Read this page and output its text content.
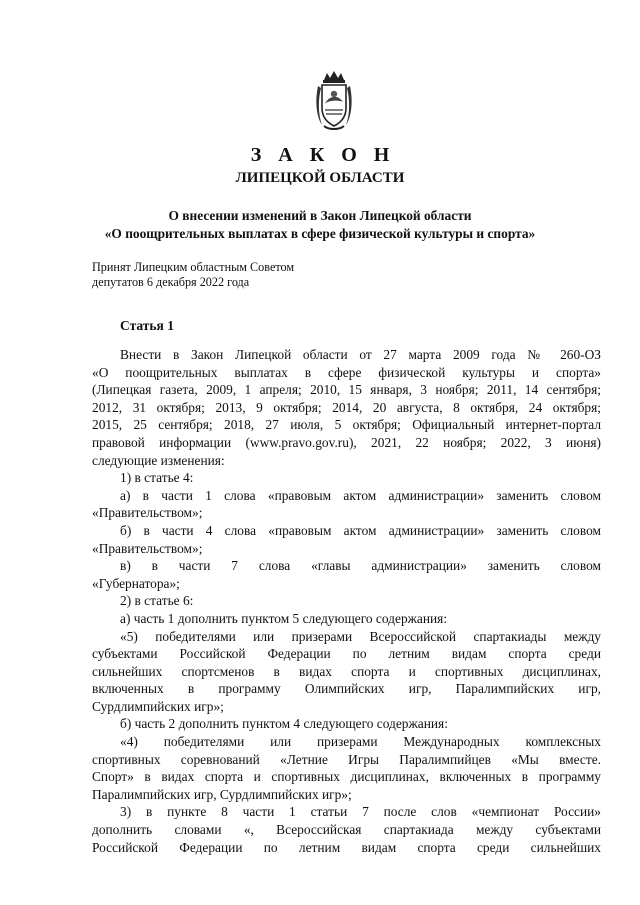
З А К О Н
ЛИПЕЦКОЙ ОБЛАСТИ
О внесении изменений в Закон Липецкой области
«О поощрительных выплатах в сфере физической культуры и спорта»
Принят Липецким областным Советом
депутатов 6 декабря 2022 года
Статья 1

Внести в Закон Липецкой области от 27 марта 2009 года № 260-ОЗ

«О поощрительных выплатах в сфере физической культуры и спорта»

(Липецкая газета, 2009, 1 апреля; 2010, 15 января, 3 ноября; 2011, 14 сентября;

2012, 31 октября; 2013, 9 октября; 2014, 20 августа, 8 октября, 24 октября;

2015, 25 сентября; 2018, 27 июля, 5 октября; Официальный интернет-портал

правовой информации (www.pravo.gov.ru), 2021, 22 ноября; 2022, 3 июня)

следующие изменения:

1) в статье 4:

а) в части 1 слова «правовым актом администрации» заменить словом

«Правительством»;

б) в части 4 слова «правовым актом администрации» заменить словом

«Правительством»;

в) в части 7 слова «главы администрации» заменить словом

«Губернатора»;

2) в статье 6:

а) часть 1 дополнить пунктом 5 следующего содержания:

«5) победителями или призерами Всероссийской спартакиады между

субъектами Российской Федерации по летним видам спорта среди

сильнейших спортсменов в видах спорта и спортивных дисциплинах,

включенных в программу Олимпийских игр, Паралимпийских игр,

Сурдлимпийских игр»;

б) часть 2 дополнить пунктом 4 следующего содержания:

«4) победителями или призерами Международных комплексных

спортивных соревнований «Летние Игры Паралимпийцев «Мы вместе.

Спорт» в видах спорта и спортивных дисциплинах, включенных в программу

Паралимпийских игр, Сурдлимпийских игр»;

3) в пункте 8 части 1 статьи 7 после слов «чемпионат России»

дополнить словами «, Всероссийская спартакиада между субъектами

Российской Федерации по летним видам спорта среди сильнейших
